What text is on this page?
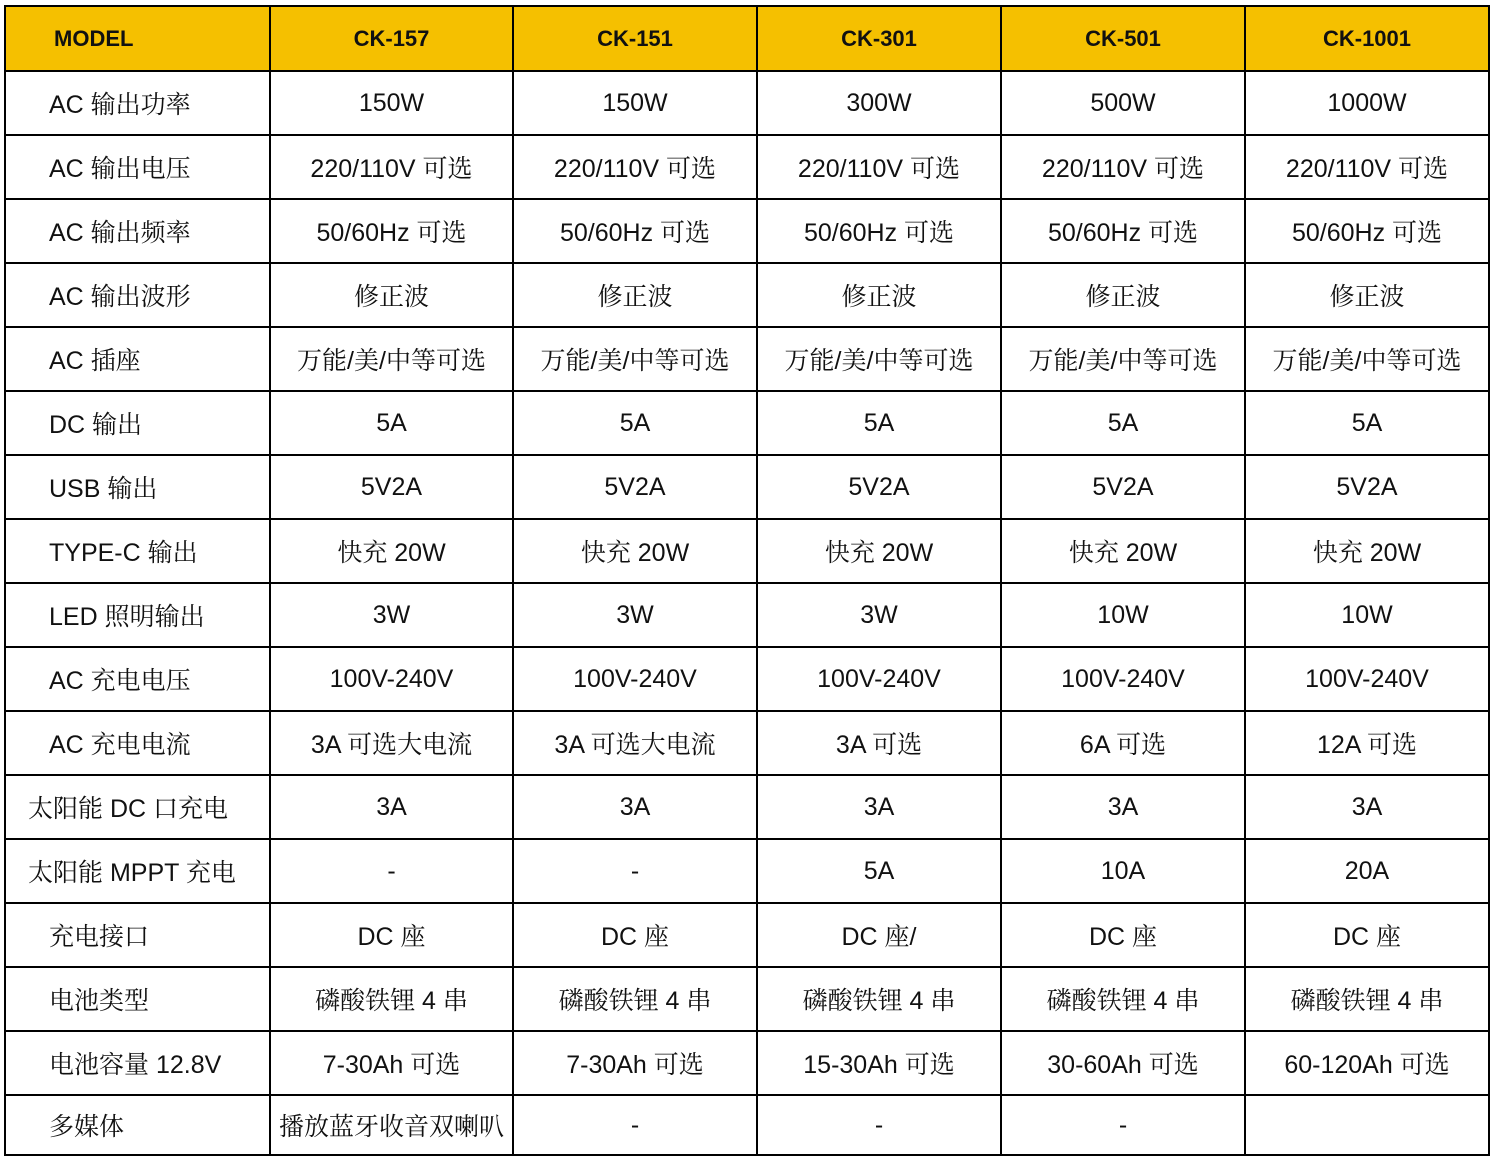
MODEL	CK-157	CK-151	CK-301	CK-501	CK-1001
AC 输出功率	150W	150W	300W	500W	1000W
AC 输出电压	220/110V 可选	220/110V 可选	220/110V 可选	220/110V 可选	220/110V 可选
AC 输出频率	50/60Hz 可选	50/60Hz 可选	50/60Hz 可选	50/60Hz 可选	50/60Hz 可选
AC 输出波形	修正波	修正波	修正波	修正波	修正波
AC 插座	万能/美/中等可选	万能/美/中等可选	万能/美/中等可选	万能/美/中等可选	万能/美/中等可选
DC 输出	5A	5A	5A	5A	5A
USB 输出	5V2A	5V2A	5V2A	5V2A	5V2A
TYPE-C 输出	快充 20W	快充 20W	快充 20W	快充 20W	快充 20W
LED 照明输出	3W	3W	3W	10W	10W
AC 充电电压	100V-240V	100V-240V	100V-240V	100V-240V	100V-240V
AC 充电电流	3A 可选大电流	3A 可选大电流	3A 可选	6A 可选	12A 可选
太阳能 DC 口充电	3A	3A	3A	3A	3A
太阳能 MPPT 充电	-	-	5A	10A	20A
充电接口	DC 座	DC 座	DC 座/	DC 座	DC 座
电池类型	磷酸铁锂 4 串	磷酸铁锂 4 串	磷酸铁锂 4 串	磷酸铁锂 4 串	磷酸铁锂 4 串
电池容量 12.8V	7-30Ah 可选	7-30Ah 可选	15-30Ah 可选	30-60Ah 可选	60-120Ah 可选
多媒体	播放蓝牙收音双喇叭	-	-	-	
